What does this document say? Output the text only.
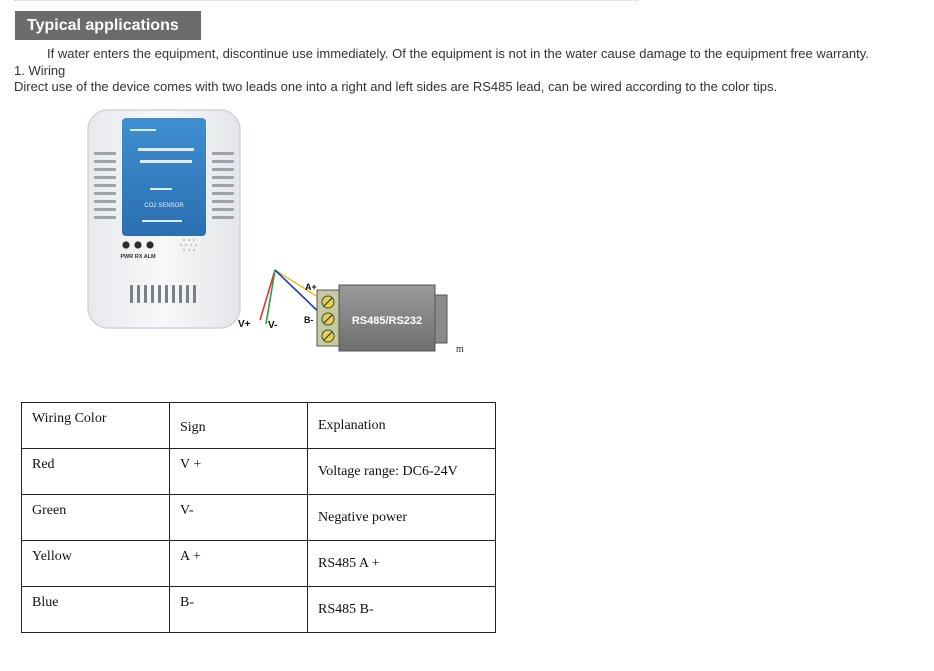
Typical applications
If water enters the equipment, discontinue use immediately. Of the equipment is not in the water cause damage to the equipment free warranty.
1. Wiring
Direct use of the device comes with two leads one into a right and left sides are RS485 lead, can be wired according to the color tips.
CO2 SENSOR
PWR RX ALM
V+ V-
A+
B-	RS485/RS232
m
Wiring Color	Sign	Explanation
Red	V +	Voltage range: DC6-24V
Green	V-	Negative power
Yellow	A +	RS485 A +
Blue	B-	RS485 B-
